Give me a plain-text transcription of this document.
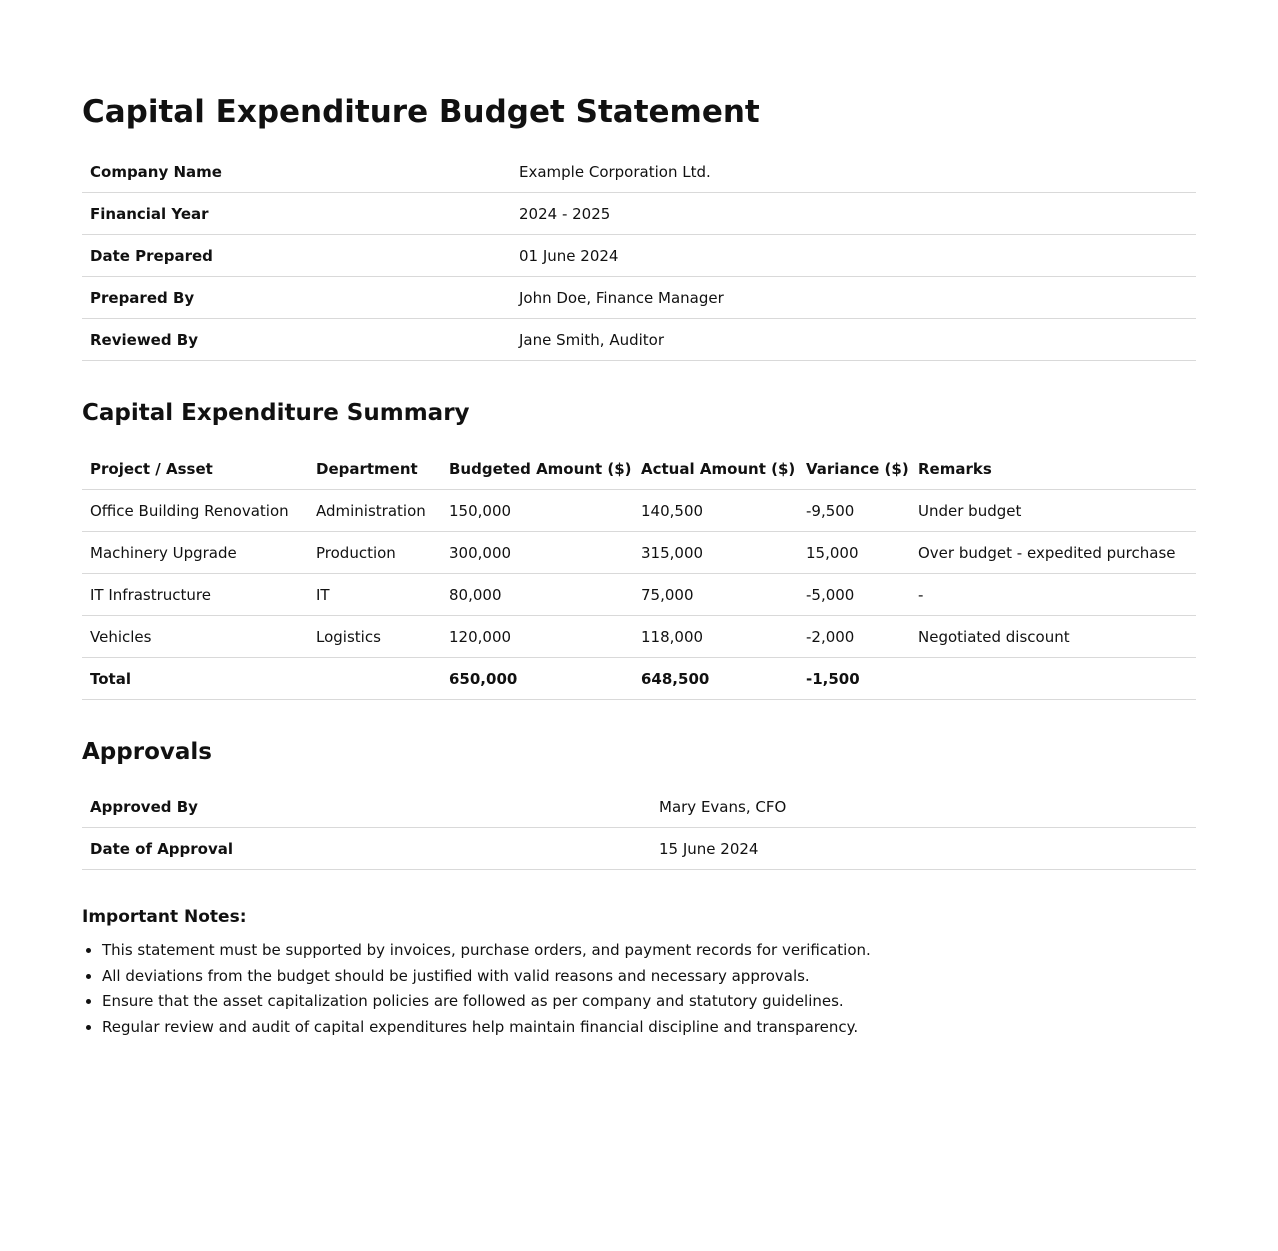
Capital Expenditure Budget Statement
Company Name	Example Corporation Ltd.
Financial Year	2024 - 2025
Date Prepared	01 June 2024
Prepared By	John Doe, Finance Manager
Reviewed By	Jane Smith, Auditor
Capital Expenditure Summary
Project / Asset	Department	Budgeted Amount ($)	Actual Amount ($)	Variance ($)	Remarks
Office Building Renovation	Administration	150,000	140,500	-9,500	Under budget
Machinery Upgrade	Production	300,000	315,000	15,000	Over budget - expedited purchase
IT Infrastructure	IT	80,000	75,000	-5,000	-
Vehicles	Logistics	120,000	118,000	-2,000	Negotiated discount
Total		650,000	648,500	-1,500	
Approvals
Approved By	Mary Evans, CFO
Date of Approval	15 June 2024

Important Notes:

• This statement must be supported by invoices, purchase orders, and payment records for verification.
• All deviations from the budget should be justified with valid reasons and necessary approvals.
• Ensure that the asset capitalization policies are followed as per company and statutory guidelines.
• Regular review and audit of capital expenditures help maintain financial discipline and transparency.
